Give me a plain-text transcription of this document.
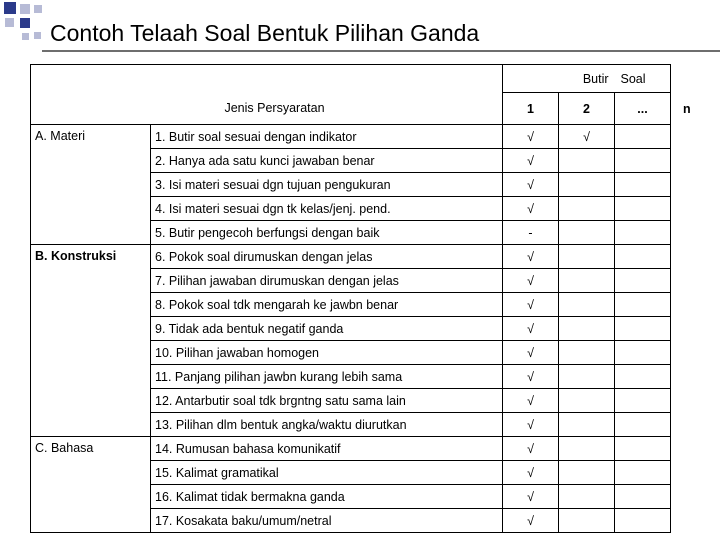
Contoh Telaah Soal Bentuk Pilihan Ganda
		Butir		Soal	
Jenis Persyaratan		1	2	...	n
A. Materi	1. Butir soal sesuai dengan indikator	√	√		
	2. Hanya ada satu kunci jawaban benar	√			
	3. Isi materi sesuai dgn tujuan pengukuran	√			
	4. Isi materi sesuai dgn tk kelas/jenj. pend.	√			
	5. Butir pengecoh berfungsi dengan baik	-			
B. Konstruksi	6. Pokok soal dirumuskan dengan jelas	√			
	7. Pilihan jawaban dirumuskan dengan jelas	√			
	8. Pokok soal tdk mengarah ke jawbn benar	√			
	9. Tidak ada bentuk negatif ganda	√			
	10. Pilihan jawaban homogen	√			
	11. Panjang pilihan jawbn kurang lebih sama	√			
	12. Antarbutir soal tdk brgntng satu sama lain	√			
	13. Pilihan dlm bentuk angka/waktu diurutkan	√			
C. Bahasa	14. Rumusan bahasa komunikatif	√			
	15. Kalimat gramatikal	√			
	16. Kalimat tidak bermakna ganda	√			
	17. Kosakata baku/umum/netral	√			
